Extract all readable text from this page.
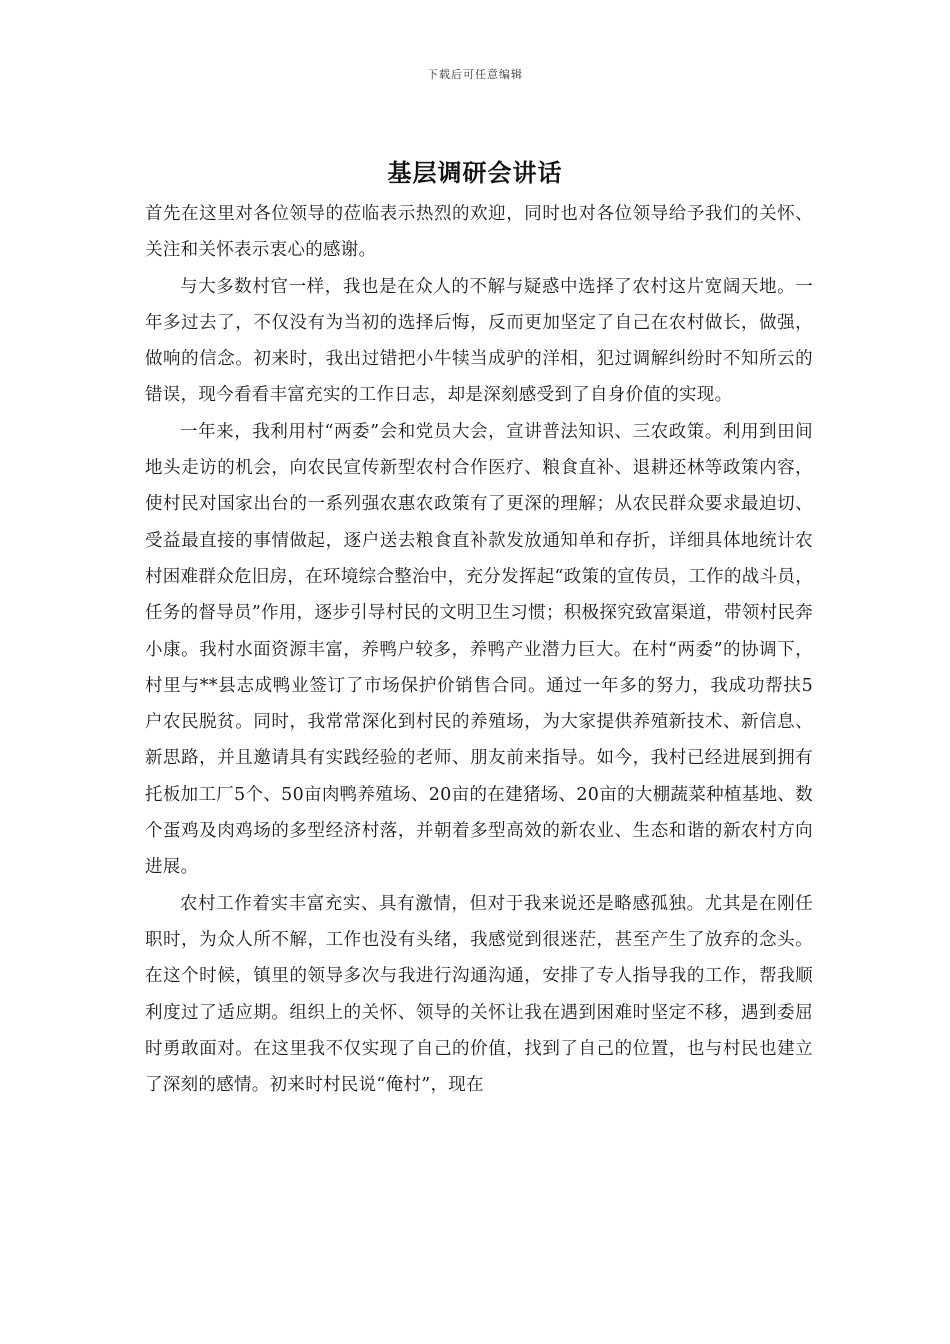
下载后可任意编辑
基层调研会讲话

首先在这里对各位领导的莅临表示热烈的欢迎，同时也对各位领导给予我们的关怀、关注和关怀表示衷心的感谢。

与大多数村官一样，我也是在众人的不解与疑惑中选择了农村这片宽阔天地。一年多过去了，不仅没有为当初的选择后悔，反而更加坚定了自己在农村做长，做强，做响的信念。初来时，我出过错把小牛犊当成驴的洋相，犯过调解纠纷时不知所云的错误，现今看看丰富充实的工作日志，却是深刻感受到了自身价值的实现。

一年来，我利用村“两委”会和党员大会，宣讲普法知识、三农政策。利用到田间地头走访的机会，向农民宣传新型农村合作医疗、粮食直补、退耕还林等政策内容，使村民对国家出台的一系列强农惠农政策有了更深的理解；从农民群众要求最迫切、受益最直接的事情做起，逐户送去粮食直补款发放通知单和存折，详细具体地统计农村困难群众危旧房，在环境综合整治中，充分发挥起“政策的宣传员，工作的战斗员，任务的督导员”作用，逐步引导村民的文明卫生习惯；积极探究致富渠道，带领村民奔小康。我村水面资源丰富，养鸭户较多，养鸭产业潜力巨大。在村“两委”的协调下，村里与**县志成鸭业签订了市场保护价销售合同。通过一年多的努力，我成功帮扶5户农民脱贫。同时，我常常深化到村民的养殖场，为大家提供养殖新技术、新信息、新思路，并且邀请具有实践经验的老师、朋友前来指导。如今，我村已经进展到拥有托板加工厂5个、50亩肉鸭养殖场、20亩的在建猪场、20亩的大棚蔬菜种植基地、数个蛋鸡及肉鸡场的多型经济村落，并朝着多型高效的新农业、生态和谐的新农村方向进展。

农村工作着实丰富充实、具有激情，但对于我来说还是略感孤独。尤其是在刚任职时，为众人所不解，工作也没有头绪，我感觉到很迷茫，甚至产生了放弃的念头。在这个时候，镇里的领导多次与我进行沟通沟通，安排了专人指导我的工作，帮我顺利度过了适应期。组织上的关怀、领导的关怀让我在遇到困难时坚定不移，遇到委屈时勇敢面对。在这里我不仅实现了自己的价值，找到了自己的位置，也与村民也建立了深刻的感情。初来时村民说“俺村”，现在
